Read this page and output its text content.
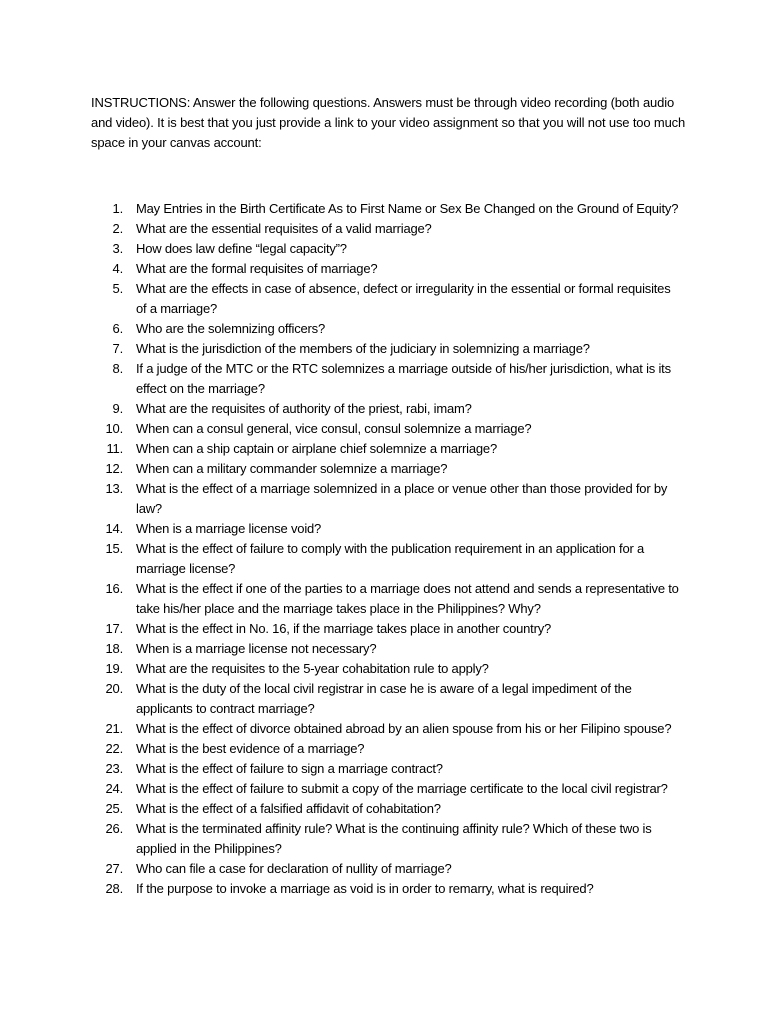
INSTRUCTIONS: Answer the following questions. Answers must be through video recording (both audio and video). It is best that you just provide a link to your video assignment so that you will not use too much space in your canvas account:

1. May Entries in the Birth Certificate As to First Name or Sex Be Changed on the Ground of Equity?
2. What are the essential requisites of a valid marriage?
3. How does law define “legal capacity”?
4. What are the formal requisites of marriage?
5. What are the effects in case of absence, defect or irregularity in the essential or formal requisites of a marriage?
6. Who are the solemnizing officers?
7. What is the jurisdiction of the members of the judiciary in solemnizing a marriage?
8. If a judge of the MTC or the RTC solemnizes a marriage outside of his/her jurisdiction, what is its effect on the marriage?
9. What are the requisites of authority of the priest, rabi, imam?
10. When can a consul general, vice consul, consul solemnize a marriage?
11. When can a ship captain or airplane chief solemnize a marriage?
12. When can a military commander solemnize a marriage?
13. What is the effect of a marriage solemnized in a place or venue other than those provided for by law?
14. When is a marriage license void?
15. What is the effect of failure to comply with the publication requirement in an application for a marriage license?
16. What is the effect if one of the parties to a marriage does not attend and sends a representative to take his/her place and the marriage takes place in the Philippines? Why?
17. What is the effect in No. 16, if the marriage takes place in another country?
18. When is a marriage license not necessary?
19. What are the requisites to the 5-year cohabitation rule to apply?
20. What is the duty of the local civil registrar in case he is aware of a legal impediment of the applicants to contract marriage?
21. What is the effect of divorce obtained abroad by an alien spouse from his or her Filipino spouse?
22. What is the best evidence of a marriage?
23. What is the effect of failure to sign a marriage contract?
24. What is the effect of failure to submit a copy of the marriage certificate to the local civil registrar?
25. What is the effect of a falsified affidavit of cohabitation?
26. What is the terminated affinity rule? What is the continuing affinity rule? Which of these two is applied in the Philippines?
27. Who can file a case for declaration of nullity of marriage?
28. If the purpose to invoke a marriage as void is in order to remarry, what is required?
